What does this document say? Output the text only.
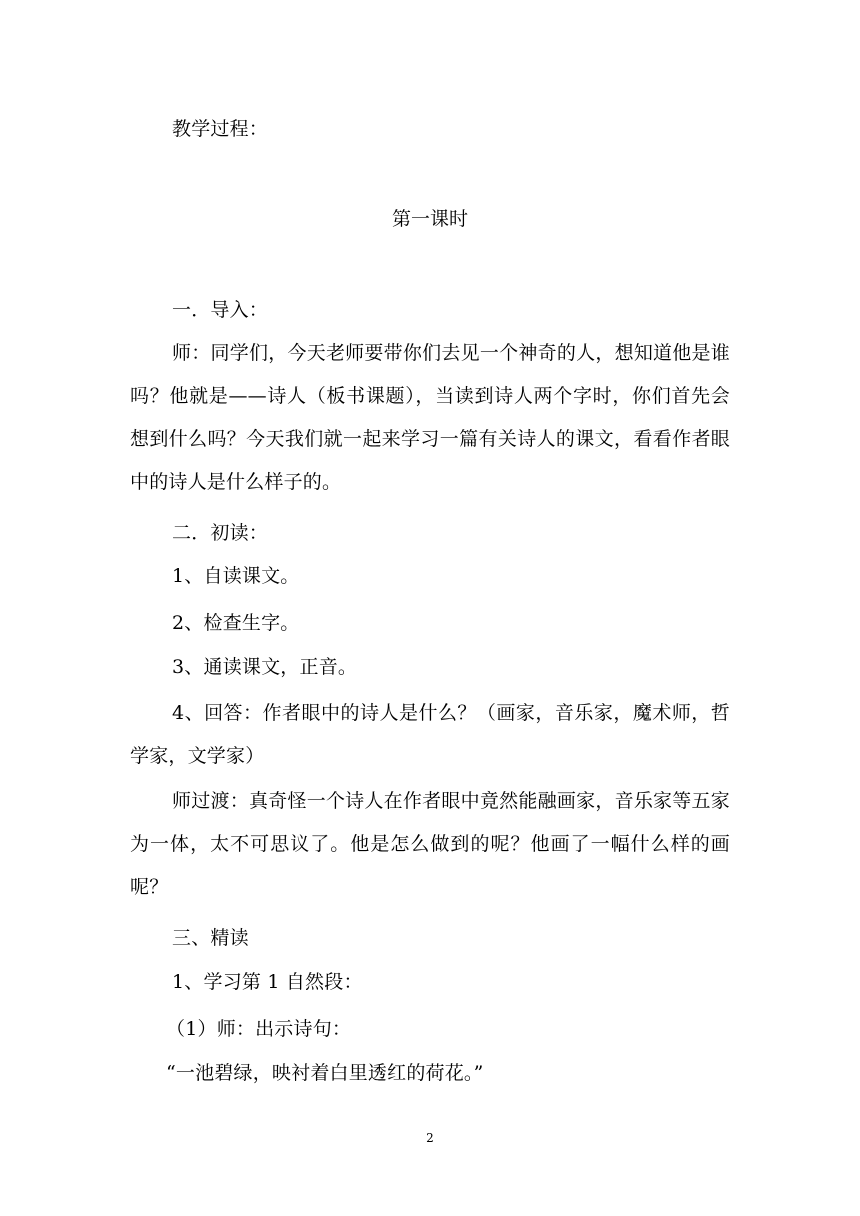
教学过程：
第一课时
一．导入：
师：同学们，今天老师要带你们去见一个神奇的人，想知道他是谁吗？他就是——诗人（板书课题），当读到诗人两个字时，你们首先会想到什么吗？今天我们就一起来学习一篇有关诗人的课文，看看作者眼中的诗人是什么样子的。
二．初读：
1、自读课文。
2、检查生字。
3、通读课文，正音。
4、回答：作者眼中的诗人是什么？（画家，音乐家，魔术师，哲学家，文学家）
师过渡：真奇怪一个诗人在作者眼中竟然能融画家，音乐家等五家为一体，太不可思议了。他是怎么做到的呢？他画了一幅什么样的画呢？
三、精读
1、学习第 1 自然段：
（1）师：出示诗句：
“一池碧绿，映衬着白里透红的荷花。”
2
